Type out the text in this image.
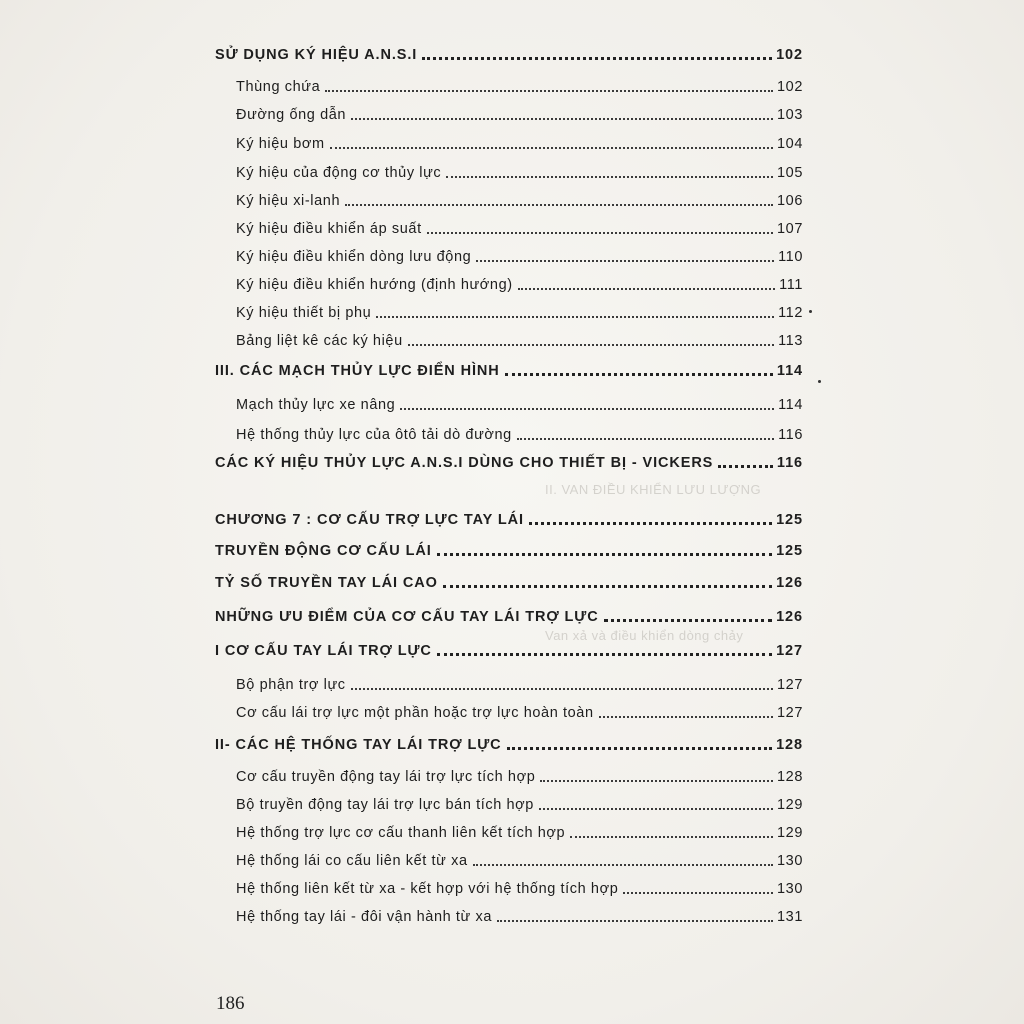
II. VAN ĐIỀU KHIỂN LƯU LƯỢNG
Van xả và điều khiển dòng chảy
SỬ DỤNG KÝ HIỆU A.N.S.I	102
Thùng chứa	102
Đường ống dẫn	103
Ký hiệu bơm	104
Ký hiệu của động cơ thủy lực	105
Ký hiệu xi-lanh	106
Ký hiệu điều khiển áp suất	107
Ký hiệu điều khiển dòng lưu động	110
Ký hiệu điều khiển hướng (định hướng)	111
Ký hiệu thiết bị phụ	112
Bảng liệt kê các ký hiệu	113
III. CÁC MẠCH THỦY LỰC ĐIỂN HÌNH	114
Mạch thủy lực xe nâng	114
Hệ thống thủy lực của ôtô tải dò đường	116
CÁC KÝ HIỆU THỦY LỰC A.N.S.I DÙNG CHO THIẾT BỊ - VICKERS	116
CHƯƠNG 7 : CƠ CẤU TRỢ LỰC TAY LÁI	125
TRUYỀN ĐỘNG CƠ CẤU LÁI	125
TỶ SỐ TRUYỀN TAY LÁI CAO	126
NHỮNG ƯU ĐIỂM CỦA CƠ CẤU TAY LÁI TRỢ LỰC	126
I CƠ CẤU TAY LÁI TRỢ LỰC	127
Bộ phận trợ lực	127
Cơ cấu lái trợ lực một phần hoặc trợ lực hoàn toàn	127
II- CÁC HỆ THỐNG TAY LÁI TRỢ LỰC	128
Cơ cấu truyền động tay lái trợ lực tích hợp	128
Bộ truyền động tay lái trợ lực bán tích hợp	129
Hệ thống trợ lực cơ cấu thanh liên kết tích hợp	129
Hệ thống lái co cấu liên kết từ xa	130
Hệ thống liên kết từ xa - kết hợp với hệ thống tích hợp	130
Hệ thống tay lái - đôi vận hành từ xa	131
186
